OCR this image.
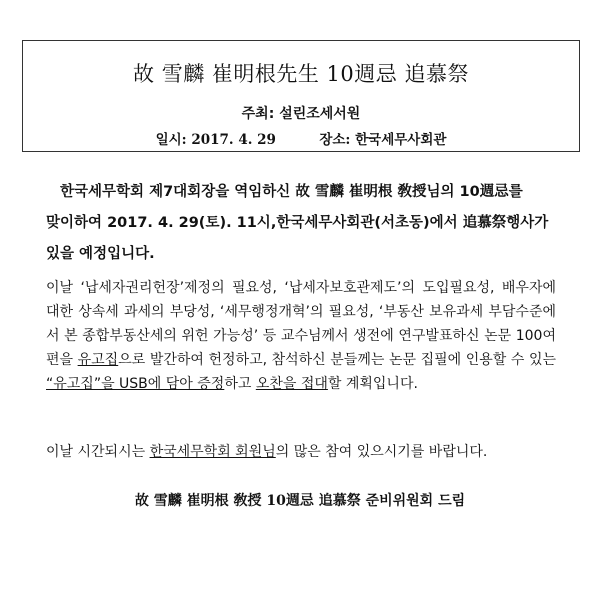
故 雪麟 崔明根先生 10週忌 追慕祭
주최: 설린조세서원
일시: 2017. 4. 29	장소: 한국세무사회관
한국세무학회 제7대회장을 역임하신 故 雪麟 崔明根 敎授님의 10週忌를
맞이하여 2017. 4. 29(토). 11시,한국세무사회관(서초동)에서 追慕祭행사가
있을 예정입니다.
이날 ‘납세자권리헌장’제정의 필요성, ‘납세자보호관제도’의 도입필요성, 배우자에 대한 상속세 과세의 부당성, ‘세무행정개혁’의 필요성, ‘부동산 보유과세 부담수준에서 본 종합부동산세의 위헌 가능성’ 등 교수님께서 생전에 연구발표하신 논문 100여 편을 유고집으로 발간하여 헌정하고, 참석하신 분들께는 논문 집필에 인용할 수 있는 “유고집”을 USB에 담아 증정하고 오찬을 접대할 계획입니다.
이날 시간되시는 한국세무학회 회원님의 많은 참여 있으시기를 바랍니다.
故 雪麟 崔明根 敎授 10週忌 追慕祭 준비위원회 드림
